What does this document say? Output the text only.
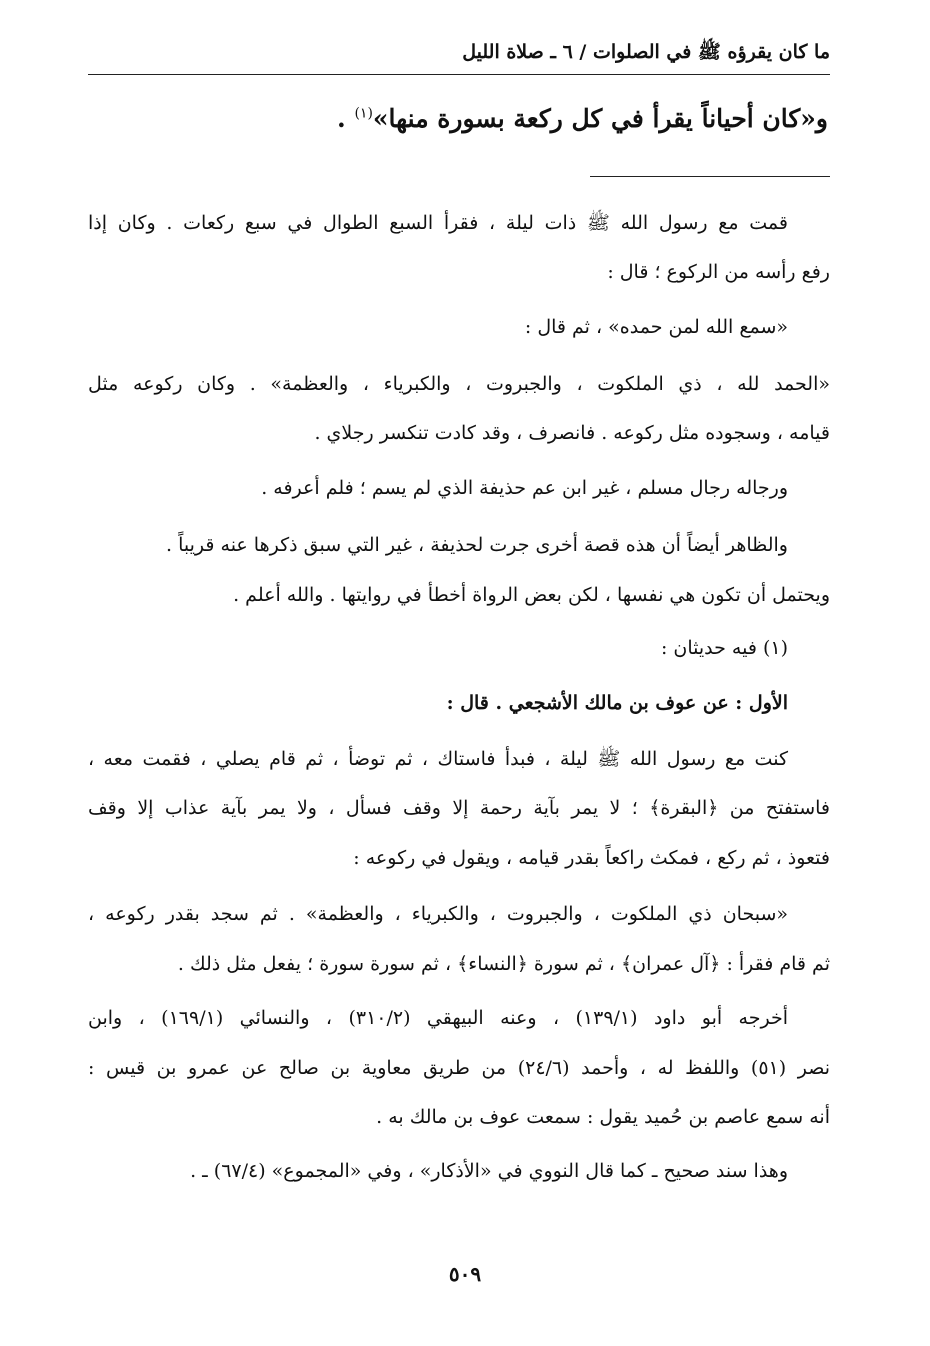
ما كان يقرؤه ﷺ في الصلوات / ٦ ـ صلاة الليل
و«كان أحياناً يقرأ في كل ركعة بسورة منها»$^{(١)}$ .
قمت مع رسول الله ﷺ ذات ليلة ، فقرأ السبع الطوال في سبع ركعات . وكان إذا
رفع رأسه من الركوع ؛ قال :
«سمع الله لمن حمده» ، ثم قال :
«الحمد لله ، ذي الملكوت ، والجبروت ، والكبرياء ، والعظمة» . وكان ركوعه مثل
قيامه ، وسجوده مثل ركوعه . فانصرف ، وقد كادت تنكسر رجلاي .
ورجاله رجال مسلم ، غير ابن عم حذيفة الذي لم يسم ؛ فلم أعرفه .
والظاهر أيضاً أن هذه قصة أخرى جرت لحذيفة ، غير التي سبق ذكرها عنه قريباً .
ويحتمل أن تكون هي نفسها ، لكن بعض الرواة أخطأ في روايتها . والله أعلم .
(١) فيه حديثان :
الأول : عن عوف بن مالك الأشجعي . قال :
كنت مع رسول الله ﷺ ليلة ، فبدأ فاستاك ، ثم توضأ ، ثم قام يصلي ، فقمت معه ،
فاستفتح من ﴿البقرة﴾ ؛ لا يمر بآية رحمة إلا وقف فسأل ، ولا يمر بآية عذاب إلا وقف
فتعوذ ، ثم ركع ، فمكث راكعاً بقدر قيامه ، ويقول في ركوعه :
«سبحان ذي الملكوت ، والجبروت ، والكبرياء ، والعظمة» . ثم سجد بقدر ركوعه ،
ثم قام فقرأ : ﴿آل عمران﴾ ، ثم سورة ﴿النساء﴾ ، ثم سورة سورة ؛ يفعل مثل ذلك .
أخرجه أبو داود (١٣٩/١) ، وعنه البيهقي (٣١٠/٢) ، والنسائي (١٦٩/١) ، وابن
نصر (٥١) واللفظ له ، وأحمد (٢٤/٦) من طريق معاوية بن صالح عن عمرو بن قيس :
أنه سمع عاصم بن حُميد يقول : سمعت عوف بن مالك به .
وهذا سند صحيح ـ كما قال النووي في «الأذكار» ، وفي «المجموع» (٦٧/٤) ـ .
٥٠٩
